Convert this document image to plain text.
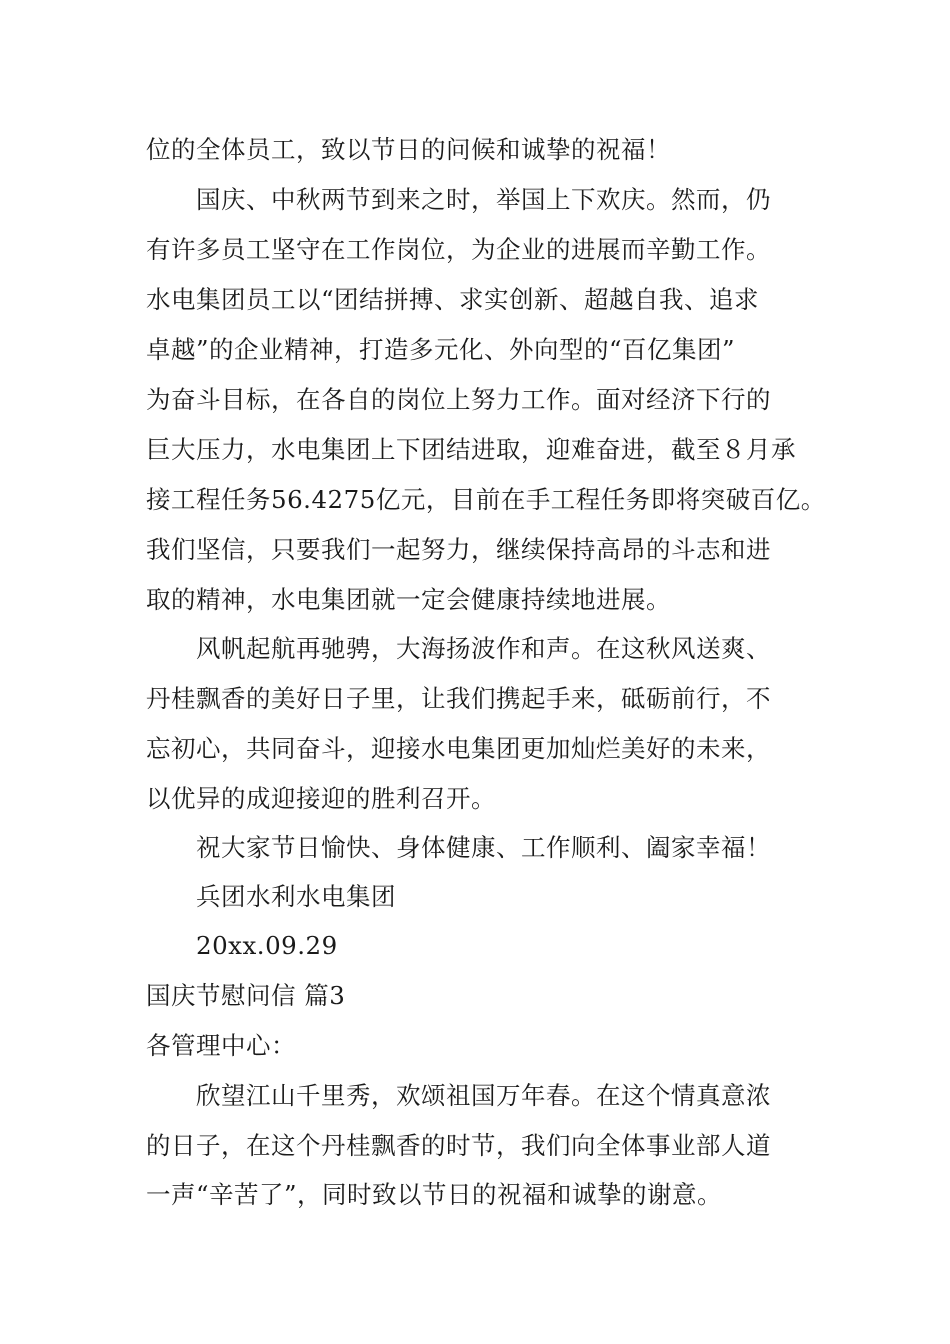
位的全体员工，致以节日的问候和诚挚的祝福！
国庆、中秋两节到来之时，举国上下欢庆。然而，仍
有许多员工坚守在工作岗位，为企业的进展而辛勤工作。
水电集团员工以“团结拼搏、求实创新、超越自我、追求
卓越”的企业精神，打造多元化、外向型的“百亿集团”
为奋斗目标，在各自的岗位上努力工作。面对经济下行的
巨大压力，水电集团上下团结进取，迎难奋进，截至８月承
接工程任务56.4275亿元，目前在手工程任务即将突破百亿。
我们坚信，只要我们一起努力，继续保持高昂的斗志和进
取的精神，水电集团就一定会健康持续地进展。
风帆起航再驰骋，大海扬波作和声。在这秋风送爽、
丹桂飘香的美好日子里，让我们携起手来，砥砺前行，不
忘初心，共同奋斗，迎接水电集团更加灿烂美好的未来，
以优异的成迎接迎的胜利召开。
祝大家节日愉快、身体健康、工作顺利、阖家幸福！
兵团水利水电集团
20xx.09.29
国庆节慰问信 篇3
各管理中心：
欣望江山千里秀，欢颂祖国万年春。在这个情真意浓
的日子，在这个丹桂飘香的时节，我们向全体事业部人道
一声“辛苦了”，同时致以节日的祝福和诚挚的谢意。
